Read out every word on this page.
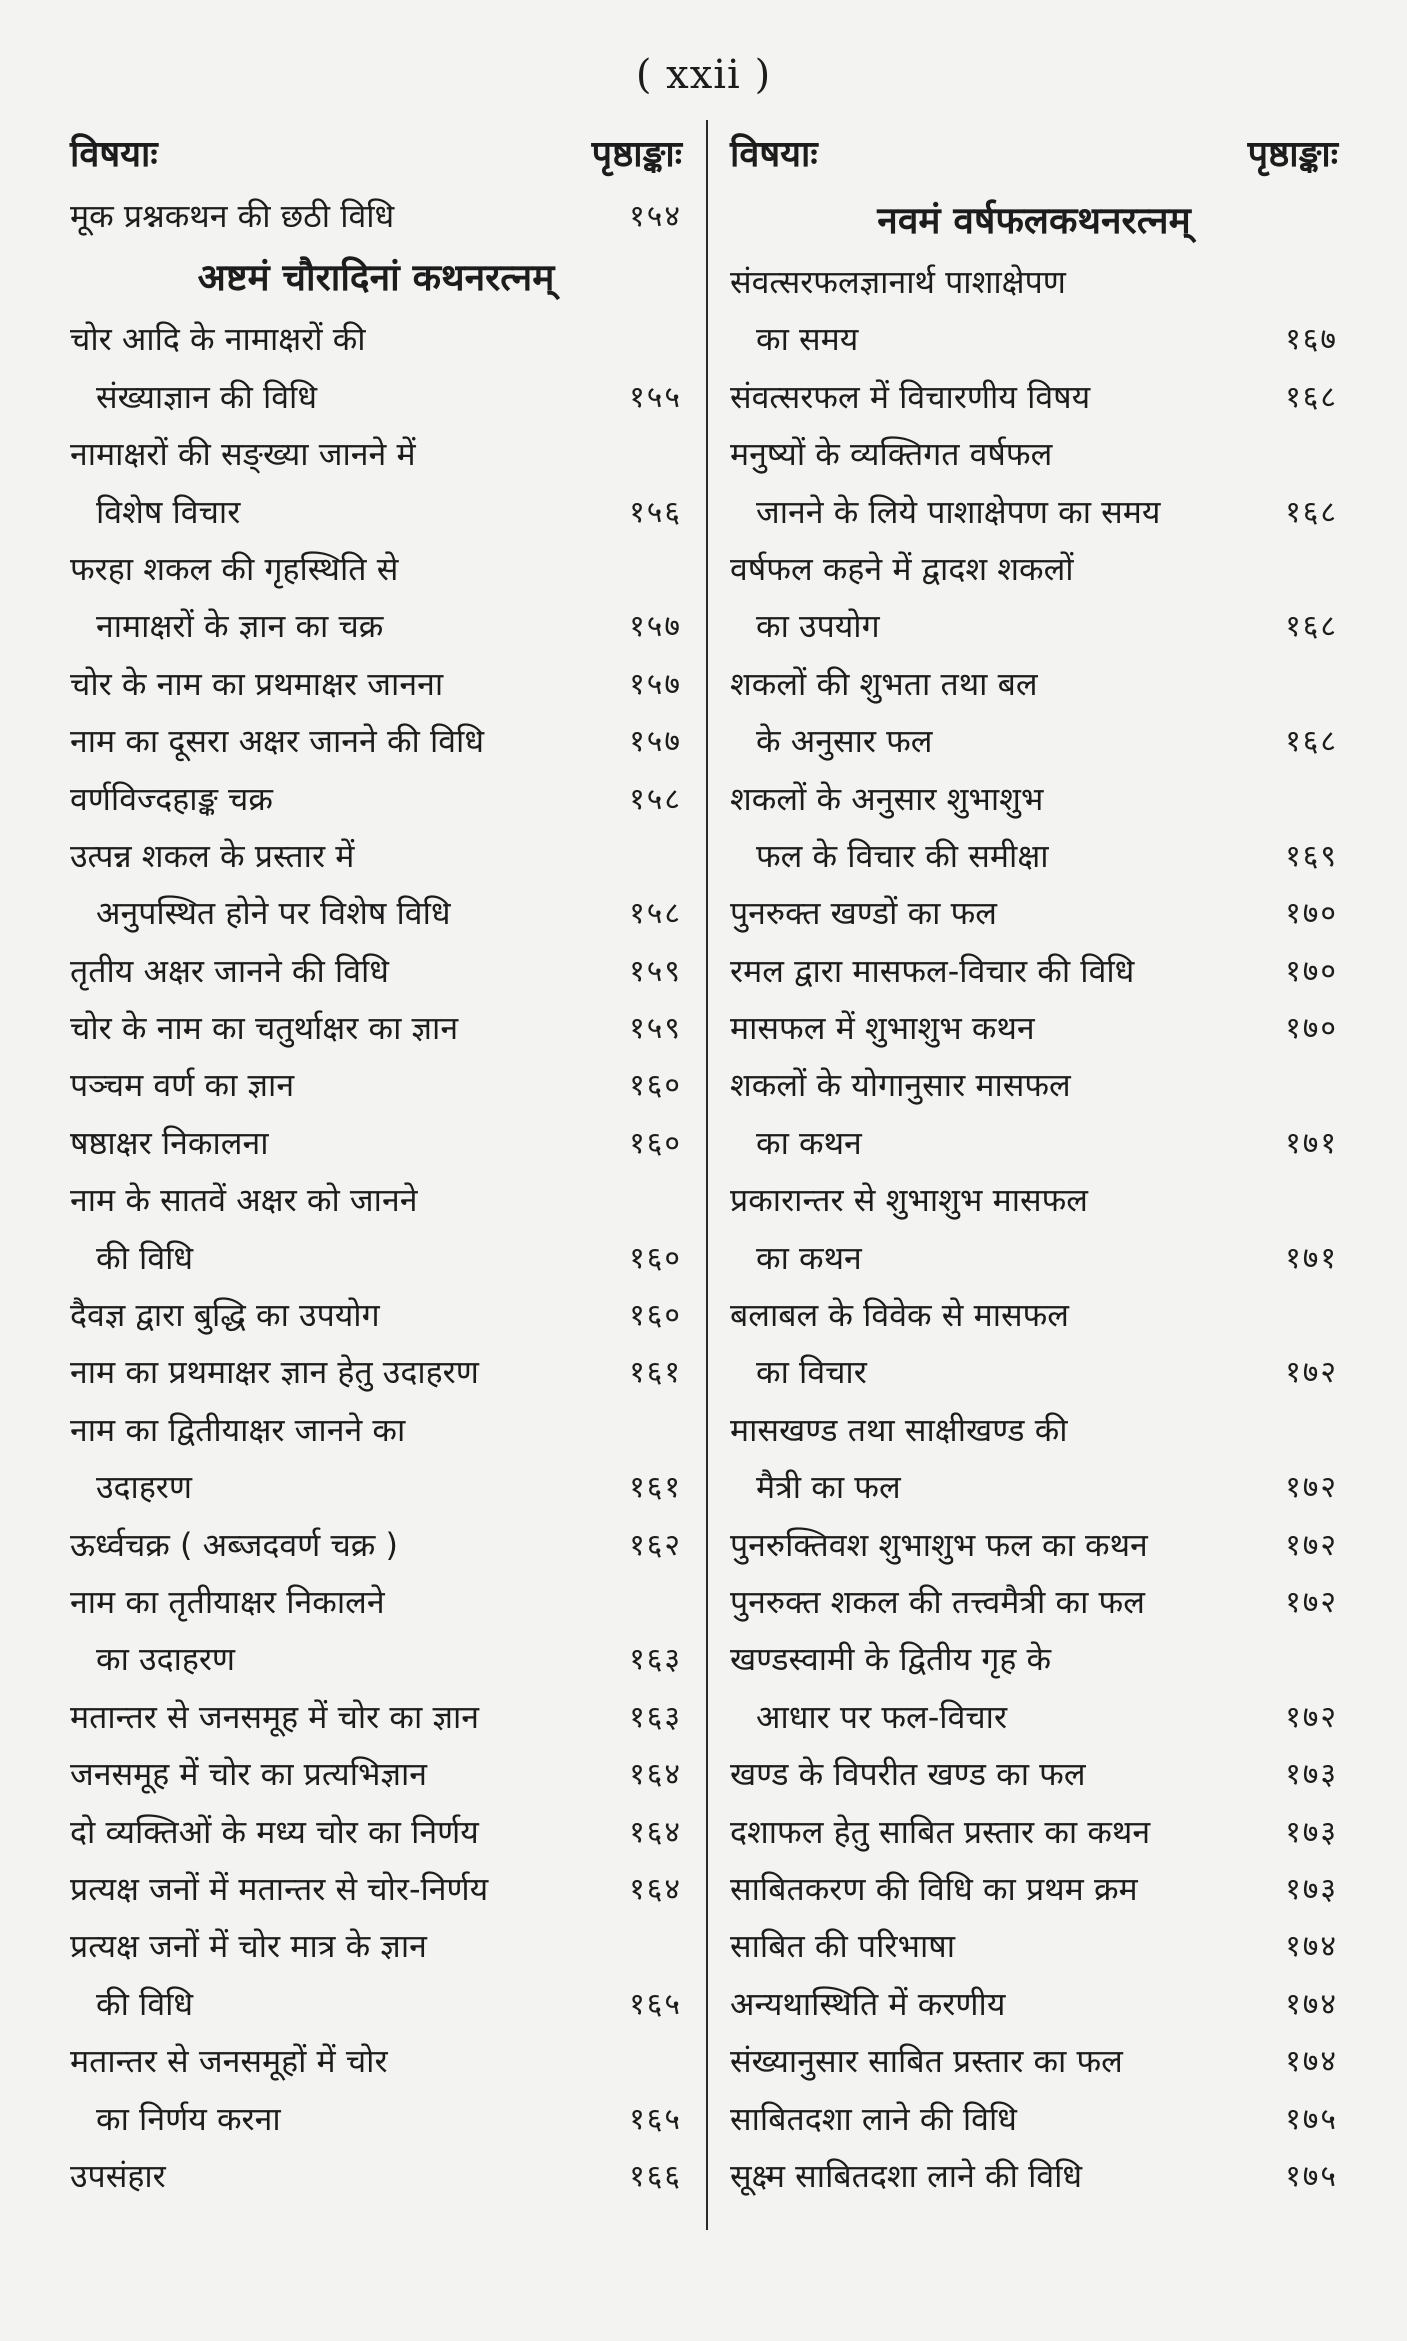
( xxii )
विषयाः	पृष्ठाङ्काः
मूक प्रश्नकथन की छठी विधि	१५४
अष्टमं चौरादिनां कथनरत्नम्
चोर आदि के नामाक्षरों की
संख्याज्ञान की विधि	१५५
नामाक्षरों की सङ्ख्या जानने में
विशेष विचार	१५६
फरहा शकल की गृहस्थिति से
नामाक्षरों के ज्ञान का चक्र	१५७
चोर के नाम का प्रथमाक्षर जानना	१५७
नाम का दूसरा अक्षर जानने की विधि	१५७
वर्णविज्दहाङ्क चक्र	१५८
उत्पन्न शकल के प्रस्तार में
अनुपस्थित होने पर विशेष विधि	१५८
तृतीय अक्षर जानने की विधि	१५९
चोर के नाम का चतुर्थाक्षर का ज्ञान	१५९
पञ्चम वर्ण का ज्ञान	१६०
षष्ठाक्षर निकालना	१६०
नाम के सातवें अक्षर को जानने
की विधि	१६०
दैवज्ञ द्वारा बुद्धि का उपयोग	१६०
नाम का प्रथमाक्षर ज्ञान हेतु उदाहरण	१६१
नाम का द्वितीयाक्षर जानने का
उदाहरण	१६१
ऊर्ध्वचक्र ( अब्जदवर्ण चक्र )	१६२
नाम का तृतीयाक्षर निकालने
का उदाहरण	१६३
मतान्तर से जनसमूह में चोर का ज्ञान	१६३
जनसमूह में चोर का प्रत्यभिज्ञान	१६४
दो व्यक्तिओं के मध्य चोर का निर्णय	१६४
प्रत्यक्ष जनों में मतान्तर से चोर-निर्णय	१६४
प्रत्यक्ष जनों में चोर मात्र के ज्ञान
की विधि	१६५
मतान्तर से जनसमूहों में चोर
का निर्णय करना	१६५
उपसंहार	१६६
विषयाः	पृष्ठाङ्काः
नवमं वर्षफलकथनरत्नम्
संवत्सरफलज्ञानार्थ पाशाक्षेपण
का समय	१६७
संवत्सरफल में विचारणीय विषय	१६८
मनुष्यों के व्यक्तिगत वर्षफल
जानने के लिये पाशाक्षेपण का समय	१६८
वर्षफल कहने में द्वादश शकलों
का उपयोग	१६८
शकलों की शुभता तथा बल
के अनुसार फल	१६८
शकलों के अनुसार शुभाशुभ
फल के विचार की समीक्षा	१६९
पुनरुक्त खण्डों का फल	१७०
रमल द्वारा मासफल-विचार की विधि	१७०
मासफल में शुभाशुभ कथन	१७०
शकलों के योगानुसार मासफल
का कथन	१७१
प्रकारान्तर से शुभाशुभ मासफल
का कथन	१७१
बलाबल के विवेक से मासफल
का विचार	१७२
मासखण्ड तथा साक्षीखण्ड की
मैत्री का फल	१७२
पुनरुक्तिवश शुभाशुभ फल का कथन	१७२
पुनरुक्त शकल की तत्त्वमैत्री का फल	१७२
खण्डस्वामी के द्वितीय गृह के
आधार पर फल-विचार	१७२
खण्ड के विपरीत खण्ड का फल	१७३
दशाफल हेतु साबित प्रस्तार का कथन	१७३
साबितकरण की विधि का प्रथम क्रम	१७३
साबित की परिभाषा	१७४
अन्यथास्थिति में करणीय	१७४
संख्यानुसार साबित प्रस्तार का फल	१७४
साबितदशा लाने की विधि	१७५
सूक्ष्म साबितदशा लाने की विधि	१७५
